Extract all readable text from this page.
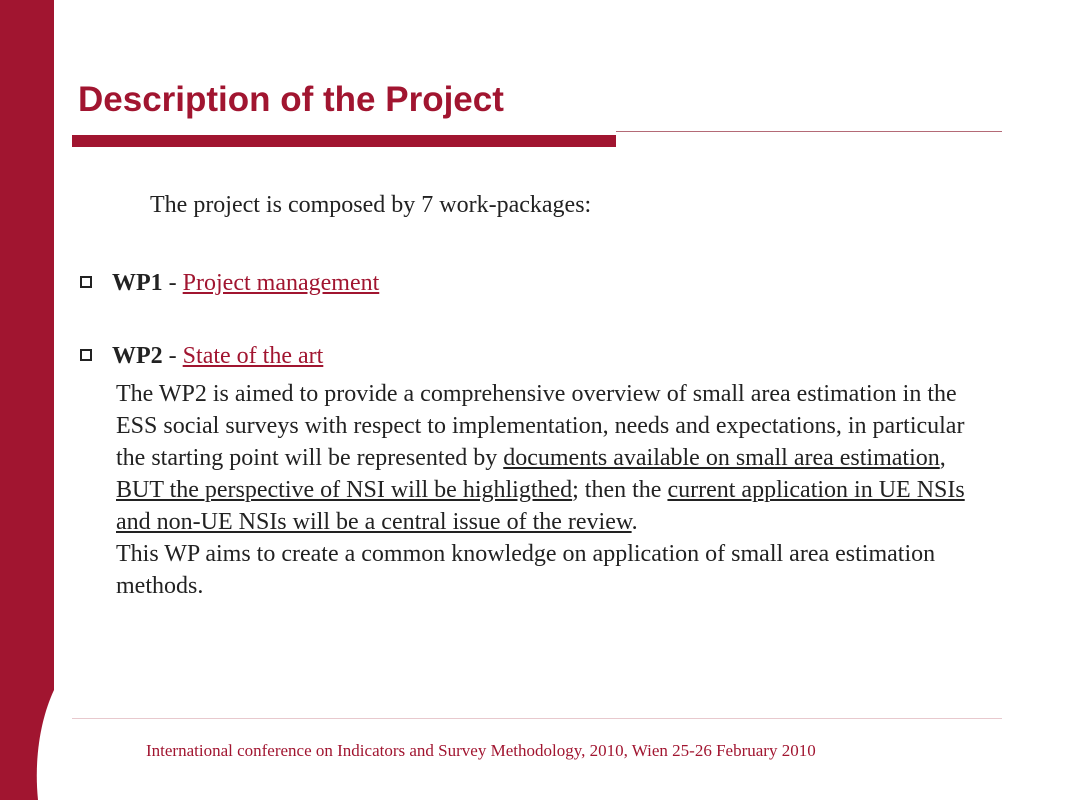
Description of the Project
The project is composed by 7 work-packages:
WP1 - Project management
WP2 - State of the art

The WP2 is aimed to provide a comprehensive overview of small area estimation in the ESS social surveys with respect to implementation, needs and expectations, in particular

the starting point will be represented by documents available on small area estimation, BUT the perspective of NSI will be highligthed; then the current application in UE NSIs and non-UE NSIs will be a central issue of the review.

This WP aims to create a common knowledge on application of small area estimation methods.

International conference on Indicators and Survey Methodology, 2010, Wien 25-26 February 2010
